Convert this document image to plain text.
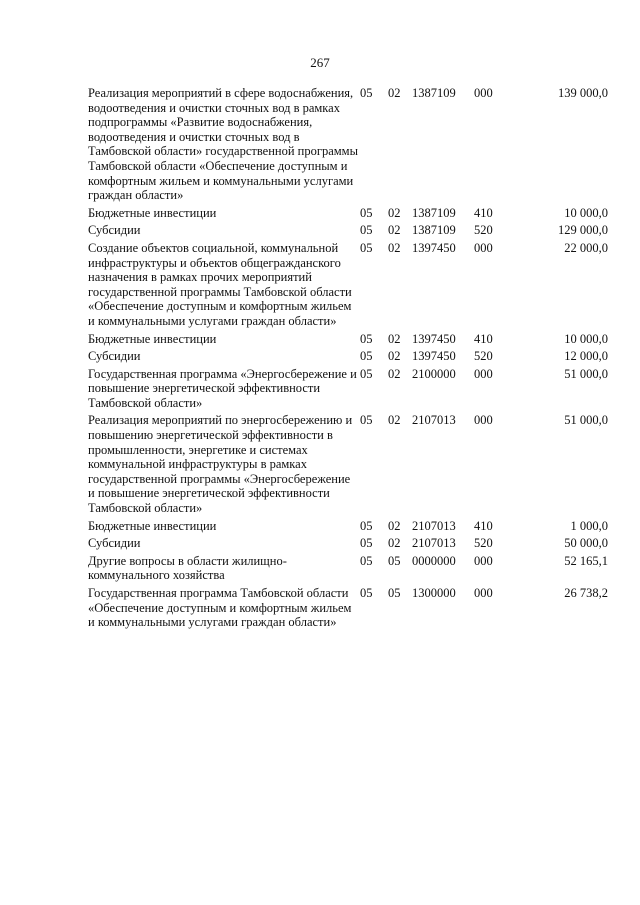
267
Реализация мероприятий в сфере водоснабжения, водоотведения и очистки сточных вод в рамках подпрограммы «Развитие водоснабжения, водоотведения и очистки сточных вод в Тамбовской области» государственной программы Тамбовской области «Обеспечение доступным и комфортным жильем и коммунальными услугами граждан области»	05	02	1387109	000	139 000,0
Бюджетные инвестиции	05	02	1387109	410	10 000,0
Субсидии	05	02	1387109	520	129 000,0
Создание объектов социальной, коммунальной инфраструктуры и объектов общегражданского назначения в рамках прочих мероприятий государственной программы Тамбовской области «Обеспечение доступным и комфортным жильем и коммунальными услугами граждан области»	05	02	1397450	000	22 000,0
Бюджетные инвестиции	05	02	1397450	410	10 000,0
Субсидии	05	02	1397450	520	12 000,0
Государственная программа «Энергосбережение и повышение энергетической эффективности Тамбовской области»	05	02	2100000	000	51 000,0
Реализация мероприятий по энергосбережению и повышению энергетической эффективности в промышленности, энергетике и системах коммунальной инфраструктуры в рамках государственной программы «Энергосбережение и повышение энергетической эффективности Тамбовской области»	05	02	2107013	000	51 000,0
Бюджетные инвестиции	05	02	2107013	410	1 000,0
Субсидии	05	02	2107013	520	50 000,0
Другие вопросы в области жилищно-коммунального хозяйства	05	05	0000000	000	52 165,1
Государственная программа Тамбовской области «Обеспечение доступным и комфортным жильем и коммунальными услугами граждан области»	05	05	1300000	000	26 738,2
